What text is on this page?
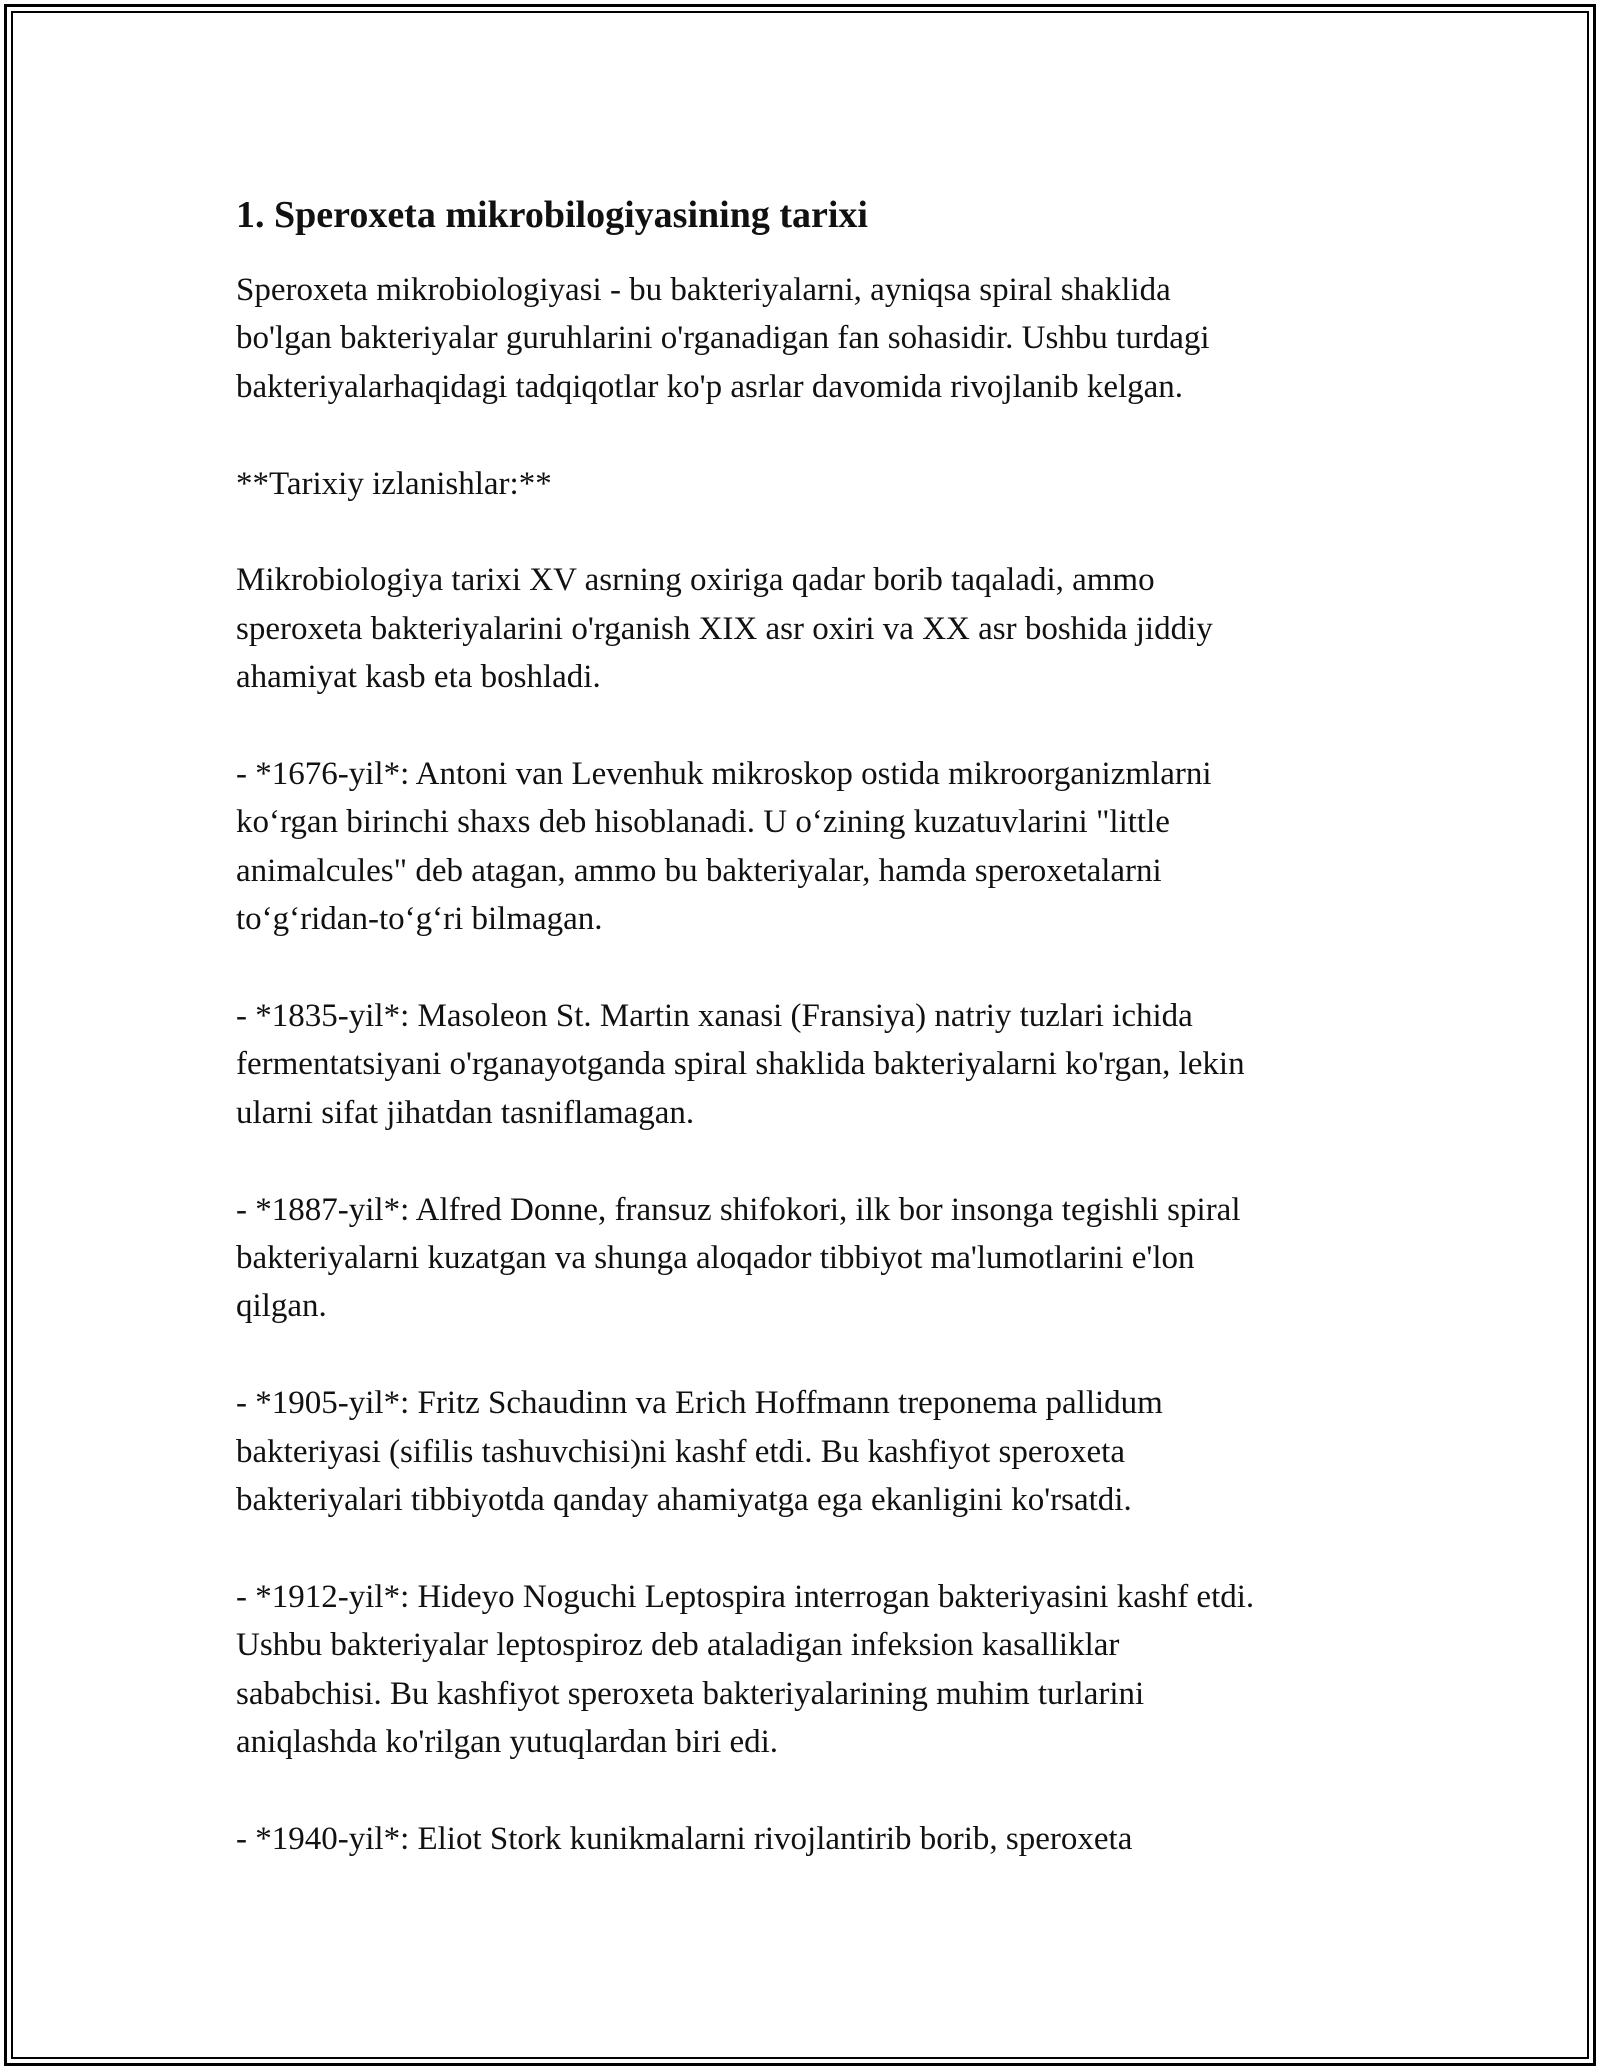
1. Speroxeta mikrobilogiyasining tarixi

Speroxeta mikrobiologiyasi - bu bakteriyalarni, ayniqsa spiral shaklida
bo'lgan bakteriyalar guruhlarini o'rganadigan fan sohasidir. Ushbu turdagi
bakteriyalarhaqidagi tadqiqotlar ko'p asrlar davomida rivojlanib kelgan.

**Tarixiy izlanishlar:**

Mikrobiologiya tarixi XV asrning oxiriga qadar borib taqaladi, ammo
speroxeta bakteriyalarini o'rganish XIX asr oxiri va XX asr boshida jiddiy
ahamiyat kasb eta boshladi.

- *1676-yil*: Antoni van Levenhuk mikroskop ostida mikroorganizmlarni
ko‘rgan birinchi shaxs deb hisoblanadi. U o‘zining kuzatuvlarini "little
animalcules" deb atagan, ammo bu bakteriyalar, hamda speroxetalarni
to‘g‘ridan-to‘g‘ri bilmagan.

- *1835-yil*: Masoleon St. Martin xanasi (Fransiya) natriy tuzlari ichida
fermentatsiyani o'rganayotganda spiral shaklida bakteriyalarni ko'rgan, lekin
ularni sifat jihatdan tasniflamagan.

- *1887-yil*: Alfred Donne, fransuz shifokori, ilk bor insonga tegishli spiral
bakteriyalarni kuzatgan va shunga aloqador tibbiyot ma'lumotlarini e'lon
qilgan.

- *1905-yil*: Fritz Schaudinn va Erich Hoffmann treponema pallidum
bakteriyasi (sifilis tashuvchisi)ni kashf etdi. Bu kashfiyot speroxeta
bakteriyalari tibbiyotda qanday ahamiyatga ega ekanligini ko'rsatdi.

- *1912-yil*: Hideyo Noguchi Leptospira interrogan bakteriyasini kashf etdi.
Ushbu bakteriyalar leptospiroz deb ataladigan infeksion kasalliklar
sababchisi. Bu kashfiyot speroxeta bakteriyalarining muhim turlarini
aniqlashda ko'rilgan yutuqlardan biri edi.

- *1940-yil*: Eliot Stork kunikmalarni rivojlantirib borib, speroxeta
